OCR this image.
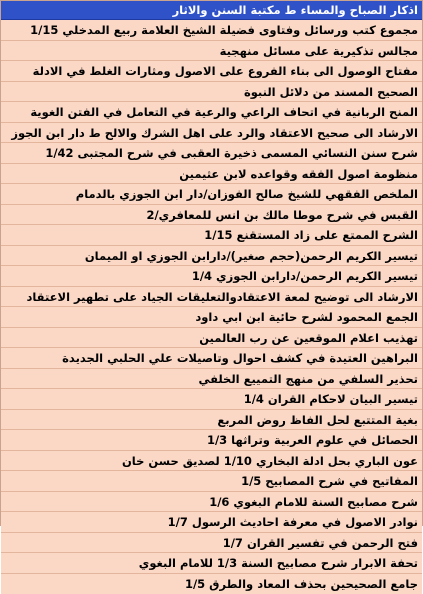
اذكار الصباح والمساء ط مكتبة السنن والاثار
مجموع كتب ورسائل وفتاوى فضيلة الشيخ العلامة ربيع المدخلي 1/15
مجالس تذكيرية على مسائل منهجية
مفتاح الوصول الى بناء الفروع على الاصول ومثارات الغلط في الادلة
الصحيح المسند من دلائل النبوة
المنح الربانية في اتحاف الراعي والرعية في التعامل في الفتن الغوية
الارشاد الى صحيح الاعتقاد والرد على اهل الشرك والالح ط دار ابن الجوز
شرح سنن النسائي المسمى ذخيرة العقبى في شرح المجتبى 1/42
منظومة اصول الفقه وقواعده لابن عثيمين
الملخص الفقهي للشيخ صالح الفوزان/دار ابن الجوزي بالدمام
القبس في شرح موطا مالك بن انس للمعافري/2
الشرح الممتع على زاد المستقنع 1/15
تيسير الكريم الرحمن(حجم صغير)/دارابن الجوزي او الميمان
تيسير الكريم الرحمن/دارابن الجوزي 1/4
الارشاد الى توضيح لمعة الاعتقادوالتعليقات الجياد على تطهير الاعتقاد
الجمع المحمود لشرح حائية ابن ابي داود
تهذيب اعلام الموقعين عن رب العالمين
البراهين العتيدة في كشف احوال وتاصيلات علي الحلبي الجديدة
تحذير السلفي من منهج التمييع الخلفي
تيسير البيان لاحكام القران 1/4
بغية المتتبع لحل الفاظ روض المربع
الحصائل في علوم العربية وتراثها 1/3
عون الباري بحل ادلة البخاري 1/10 لصديق حسن خان
المفاتيح في شرح المصابيح 1/5
شرح مصابيح السنة للامام البغوي 1/6
نوادر الاصول في معرفة احاديث الرسول 1/7
فتح الرحمن في تفسير القران 1/7
تحفة الابرار شرح مصابيح السنة 1/3 للامام البغوي
جامع الصحيحين بحذف المعاد والطرق 1/5
